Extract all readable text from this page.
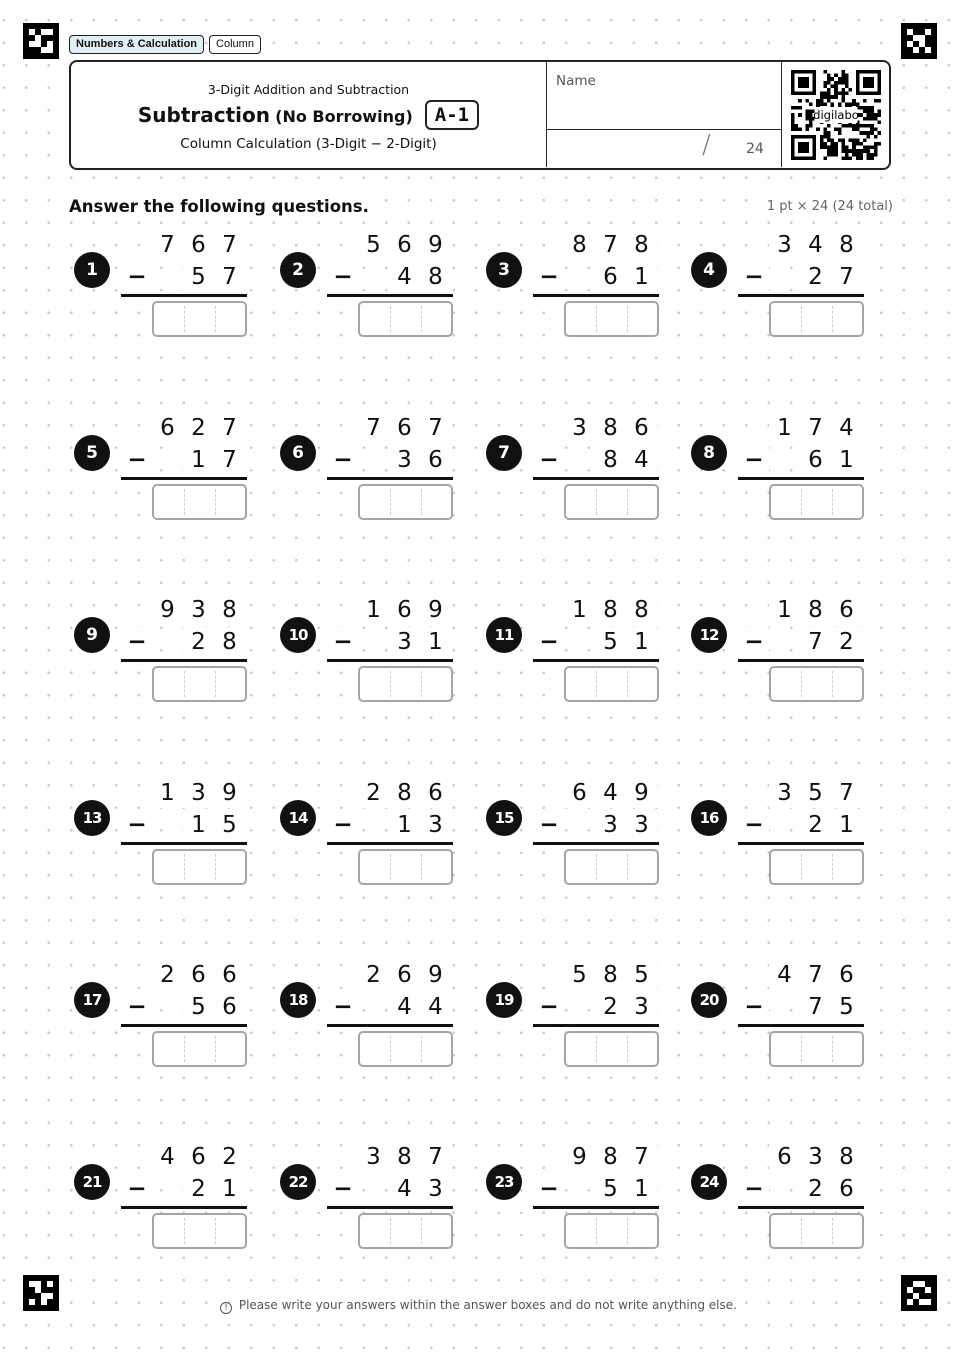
Numbers & Calculation	Column
3-Digit Addition and Subtraction
Subtraction (No Borrowing)	A-1
Column Calculation (3-Digit − 2-Digit)
Name
/	24
digilabo
Answer the following questions.	1 pt × 24 (24 total)
1
7 6 7
−	5 7	2
5 6 9
−	4 8	3
8 7 8
−	6 1	4
3 4 8
−	2 7
5
6 2 7
−	1 7	6
7 6 7
−	3 6	7
3 8 6
−	8 4	8
1 7 4
−	6 1
9
9 3 8
−	2 8	10
1 6 9
−	3 1	11
1 8 8
−	5 1	12
1 8 6
−	7 2
13
1 3 9
−	1 5	14
2 8 6
−	1 3	15
6 4 9
−	3 3	16
3 5 7
−	2 1
17
2 6 6
−	5 6	18
2 6 9
−	4 4	19
5 8 5
−	2 3	20
4 7 6
−	7 5
21
4 6 2
−	2 1	22
3 8 7
−	4 3	23
9 8 7
−	5 1	24
6 3 8
−	2 6
! Please write your answers within the answer boxes and do not write anything else.
